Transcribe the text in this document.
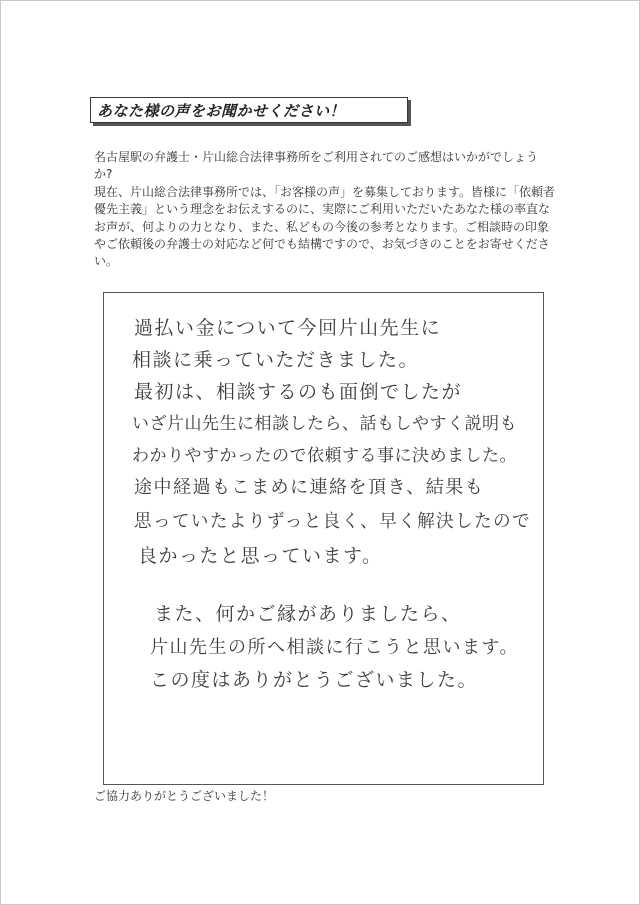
あなた様の声をお聞かせください！

名古屋駅の弁護士・片山総合法律事務所をご利用されてのご感想はいかがでしょうか?

現在、片山総合法律事務所では、「お客様の声」を募集しております。皆様に「依頼者優先主義」という理念をお伝えするのに、実際にご利用いただいたあなた様の率直なお声が、何よりの力となり、また、私どもの今後の参考となります。ご相談時の印象やご依頼後の弁護士の対応など何でも結構ですので、お気づきのことをお寄せください。

過払い金について今回片山先生に
相談に乗っていただきました。
最初は、相談するのも面倒でしたが
いざ片山先生に相談したら、話もしやすく説明も
わかりやすかったので依頼する事に決めました。
途中経過もこまめに連絡を頂き、結果も
思っていたよりずっと良く、早く解決したので
良かったと思っています。
また、何かご縁がありましたら、
片山先生の所へ相談に行こうと思います。
この度はありがとうございました。
ご協力ありがとうございました！
